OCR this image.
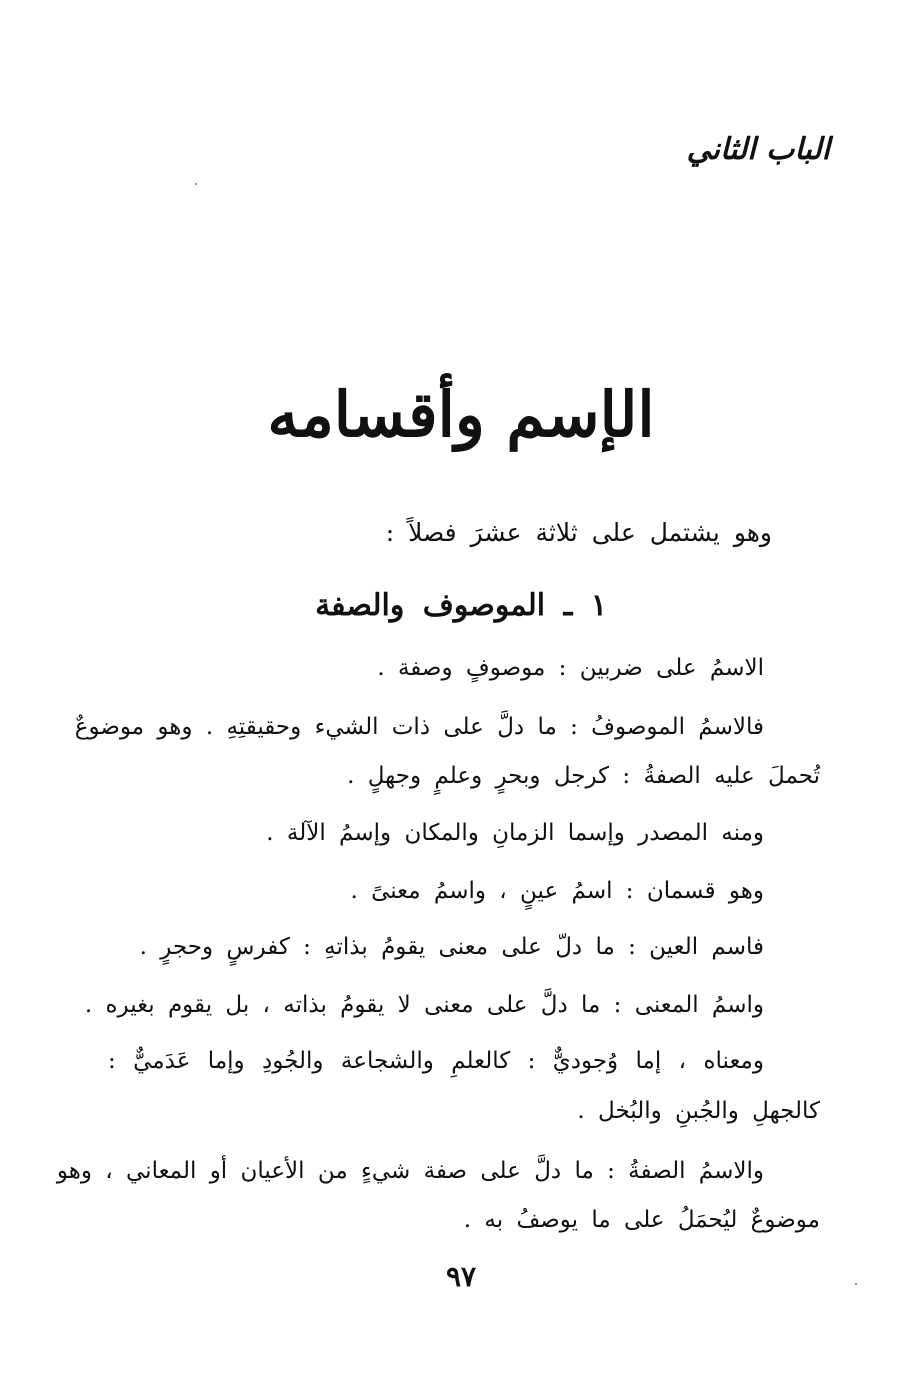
الباب الثاني
الإسم وأقسامه
وهو يشتمل على ثلاثة عشرَ فصلاً :
١ ـ الموصوف والصفة
الاسمُ على ضربين : موصوفٍ وصفة .
فالاسمُ الموصوفُ : ما دلَّ على ذات الشيء وحقيقتِهِ . وهو موضوعٌ
تُحملَ عليه الصفةُ : كرجل وبحرٍ وعلمٍ وجهلٍ .
ومنه المصدر وإسما الزمانِ والمكان وإسمُ الآلة .
وهو قسمان : اسمُ عينٍ ، واسمُ معنىً .
فاسم العين : ما دلّ على معنى يقومُ بذاتهِ : كفرسٍ وحجرٍ .
واسمُ المعنى : ما دلَّ على معنى لا يقومُ بذاته ، بل يقوم بغيره .
ومعناه ، إما وُجوديٌّ : كالعلمِ والشجاعة والجُودِ وإما عَدَميٌّ :
كالجهلِ والجُبنِ والبُخل .
والاسمُ الصفةُ : ما دلَّ على صفة شيءٍ من الأعيان أو المعاني ، وهو
موضوعٌ ليُحمَلُ على ما يوصفُ به .
٩٧
